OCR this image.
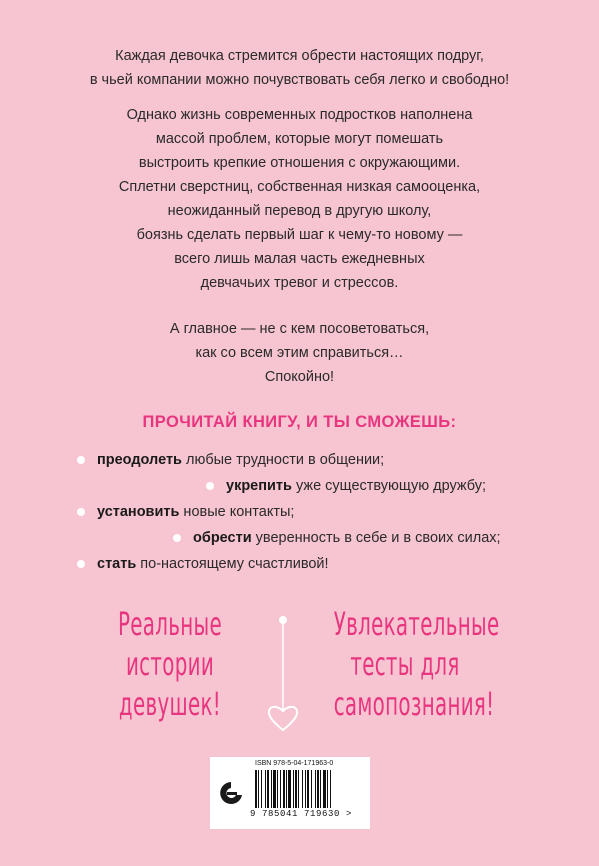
Каждая девочка стремится обрести настоящих подруг,
в чьей компании можно почувствовать себя легко и свободно!
Однако жизнь современных подростков наполнена
массой проблем, которые могут помешать
выстроить крепкие отношения с окружающими.
Сплетни сверстниц, собственная низкая самооценка,
неожиданный перевод в другую школу,
боязнь сделать первый шаг к чему-то новому —
всего лишь малая часть ежедневных
девчачьих тревог и стрессов.
А главное — не с кем посоветоваться,
как со всем этим справиться…
Спокойно!
ПРОЧИТАЙ КНИГУ, И ТЫ СМОЖЕШЬ:
преодолеть любые трудности в общении;
укрепить уже существующую дружбу;
установить новые контакты;
обрести уверенность в себе и в своих силах;
стать по-настоящему счастливой!
Реальные
истории
девушек!
Увлекательные
тесты для
самопознания!
ISBN 978-5-04-171963-0
9 785041 719630 >
